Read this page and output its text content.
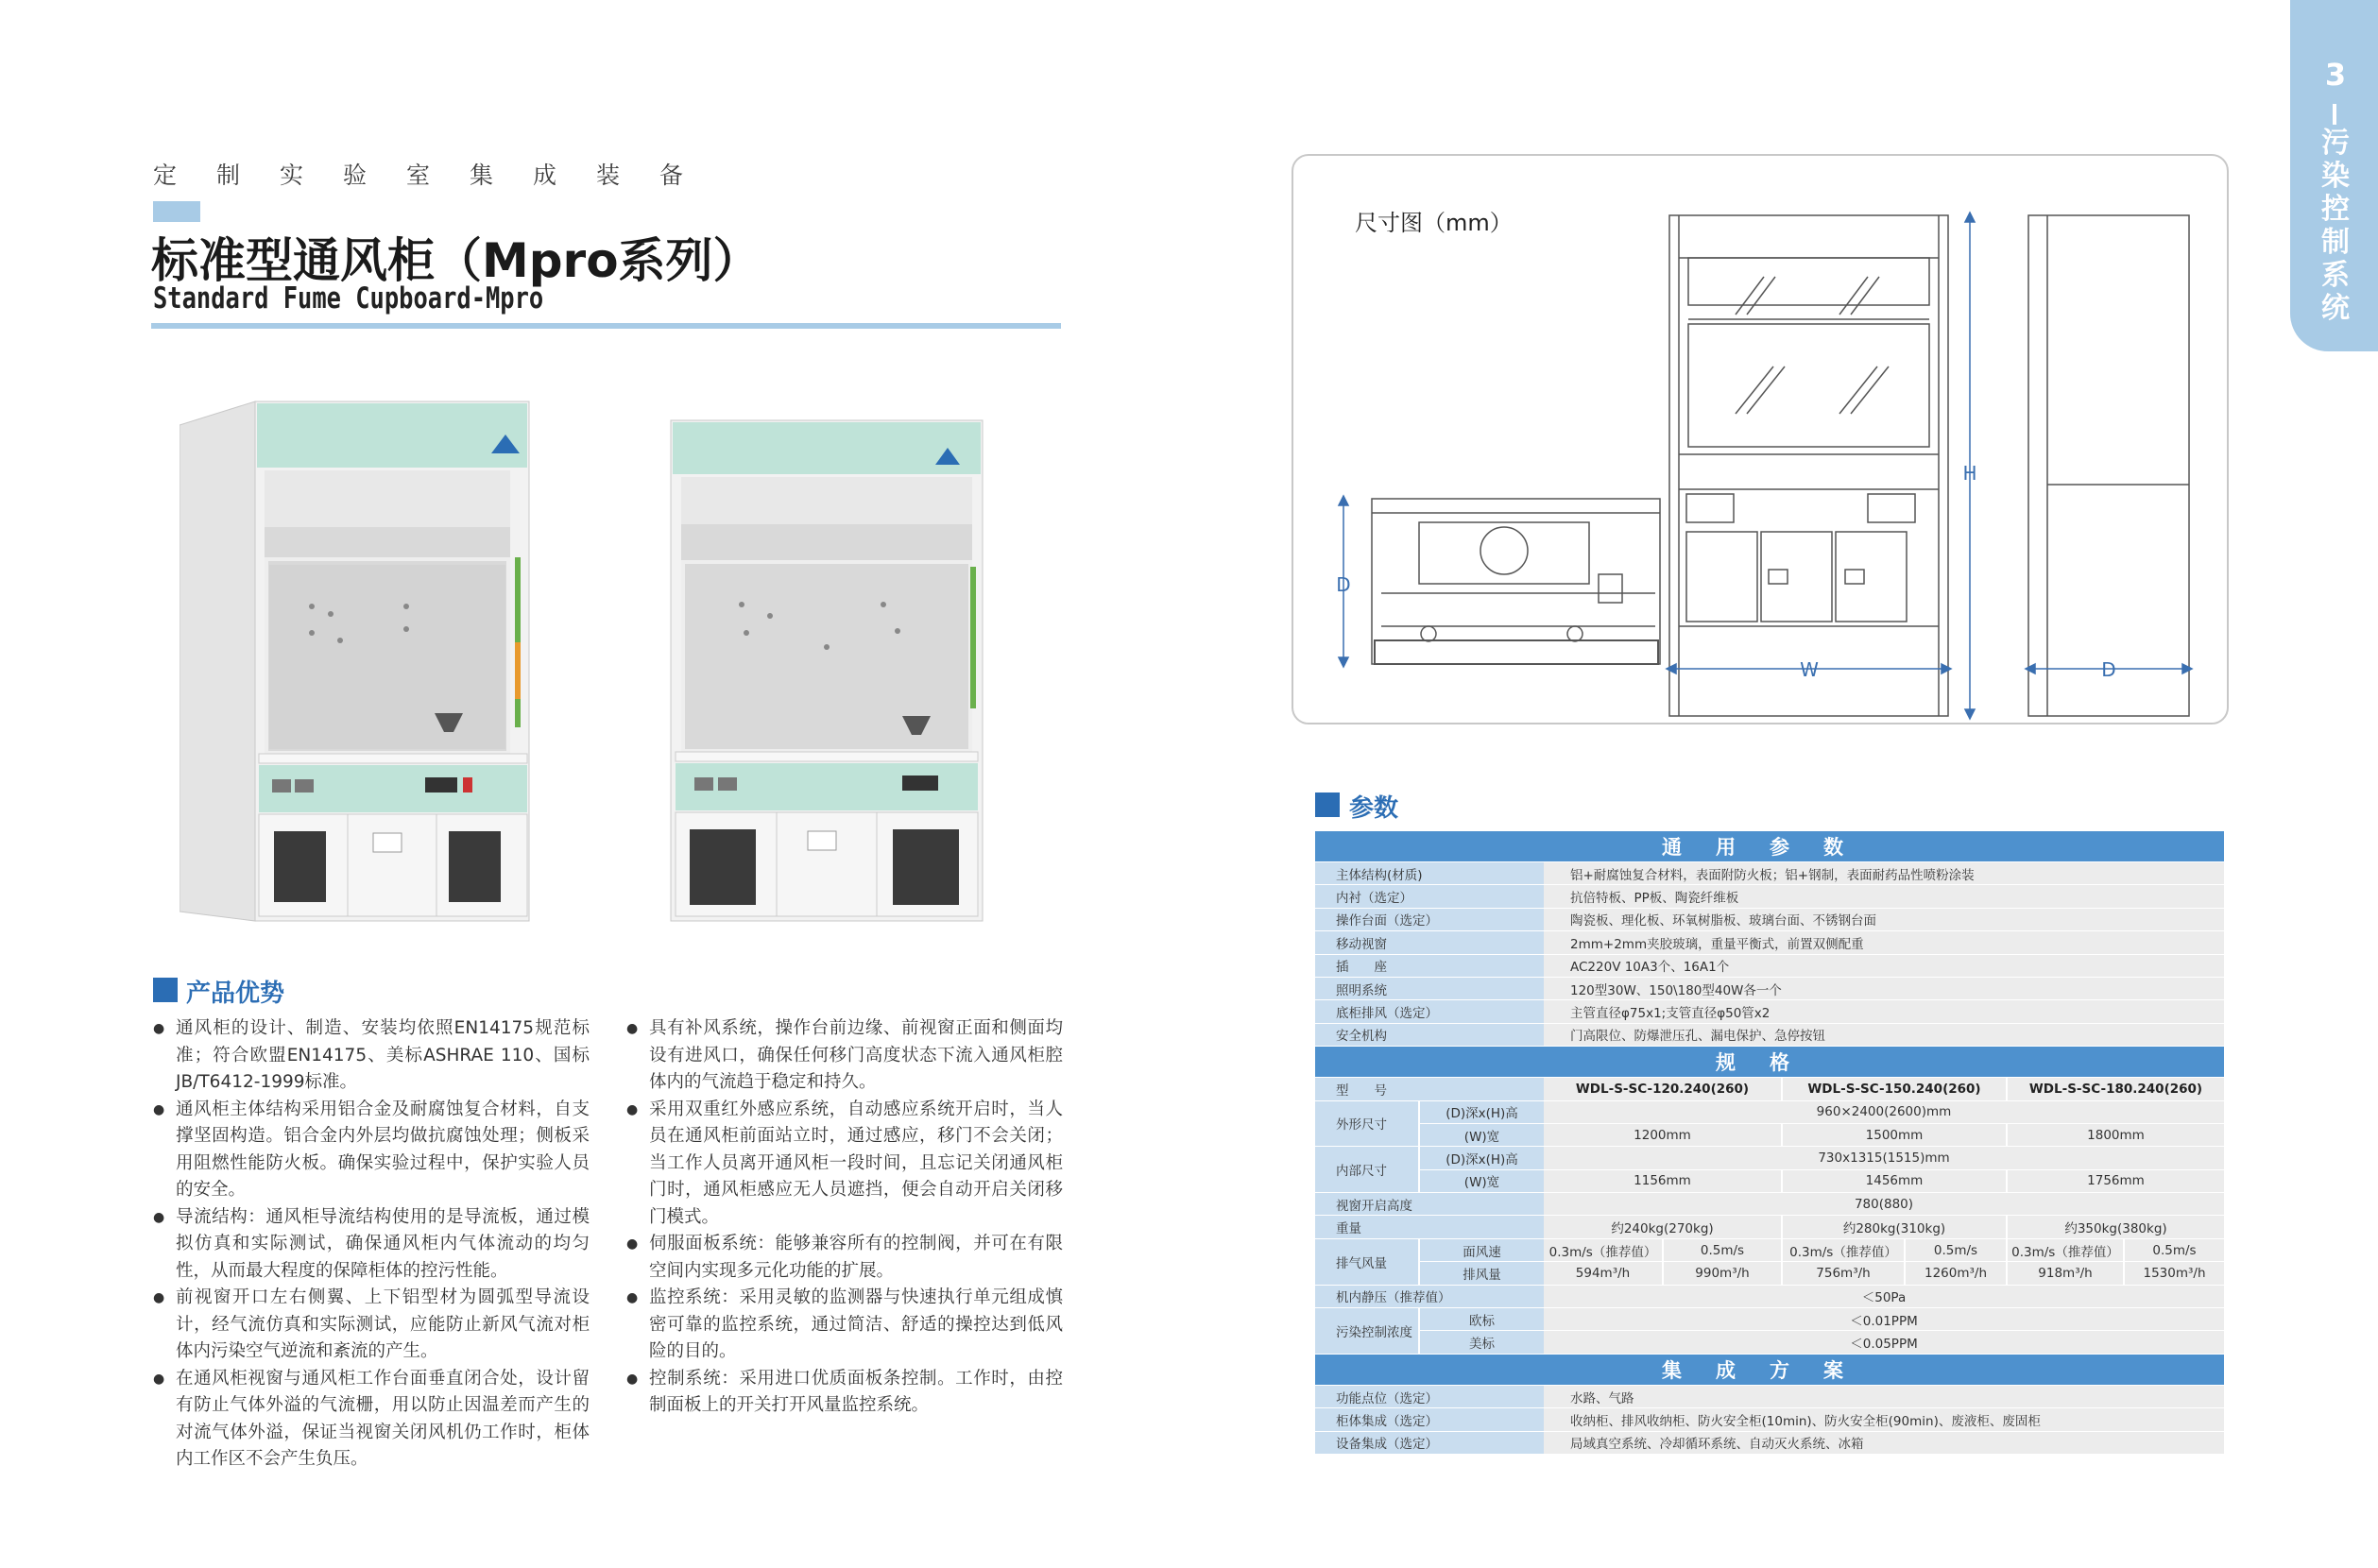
定制实验室集成装备
标准型通风柜（Mpro系列）
Standard Fume Cupboard-Mpro
3
污染控制系统
产品优势
● 通风柜的设计、制造、安装均依照EN14175规范标准；符合欧盟EN14175、美标ASHRAE 110、国标JB/T6412-1999标准。
● 通风柜主体结构采用铝合金及耐腐蚀复合材料，自支撑坚固构造。铝合金内外层均做抗腐蚀处理；侧板采用阻燃性能防火板。确保实验过程中，保护实验人员的安全。
● 导流结构：通风柜导流结构使用的是导流板，通过模拟仿真和实际测试，确保通风柜内气体流动的均匀性，从而最大程度的保障柜体的控污性能。
● 前视窗开口左右侧翼、上下铝型材为圆弧型导流设计，经气流仿真和实际测试，应能防止新风气流对柜体内污染空气逆流和紊流的产生。
● 在通风柜视窗与通风柜工作台面垂直闭合处，设计留有防止气体外溢的气流栅，用以防止因温差而产生的对流气体外溢，保证当视窗关闭风机仍工作时，柜体内工作区不会产生负压。
● 具有补风系统，操作台前边缘、前视窗正面和侧面均设有进风口，确保任何移门高度状态下流入通风柜腔体内的气流趋于稳定和持久。
● 采用双重红外感应系统，自动感应系统开启时，当人员在通风柜前面站立时，通过感应，移门不会关闭；当工作人员离开通风柜一段时间，且忘记关闭通风柜门时，通风柜感应无人员遮挡，便会自动开启关闭移门模式。
● 伺服面板系统：能够兼容所有的控制阀，并可在有限空间内实现多元化功能的扩展。
● 监控系统：采用灵敏的监测器与快速执行单元组成慎密可靠的监控系统，通过简洁、舒适的操控达到低风险的目的。
● 控制系统：采用进口优质面板条控制。工作时，由控制面板上的开关打开风量监控系统。
尺寸图（mm）
H
W
D
D
参数
通用参数							
主体结构(材质)		铝+耐腐蚀复合材料，表面附防火板；铝+钢制，表面耐药品性喷粉涂装					
内衬（选定）		抗倍特板、PP板、陶瓷纤维板					
操作台面（选定）		陶瓷板、理化板、环氧树脂板、玻璃台面、不锈钢台面					
移动视窗		2mm+2mm夹胶玻璃，重量平衡式，前置双侧配重					
插　　座		AC220V 10A3个、16A1个					
照明系统		120型30W、150\180型40W各一个					
底柜排风（选定）		主管直径φ75x1;支管直径φ50管x2					
安全机构		门高限位、防爆泄压孔、漏电保护、急停按钮					
规格							
型　　号		WDL-S-SC-120.240(260)		WDL-S-SC-150.240(260)		WDL-S-SC-180.240(260)	
外形尺寸	(D)深x(H)高	960×2400(2600)mm					
	(W)宽	1200mm		1500mm		1800mm	
内部尺寸	(D)深x(H)高	730x1315(1515)mm					
	(W)宽	1156mm		1456mm		1756mm	
视窗开启高度		780(880)					
重量		约240kg(270kg)		约280kg(310kg)		约350kg(380kg)	
排气风量	面风速	0.3m/s（推荐值）	0.5m/s	0.3m/s（推荐值）	0.5m/s	0.3m/s（推荐值）	0.5m/s
	排风量	594m³/h	990m³/h	756m³/h	1260m³/h	918m³/h	1530m³/h
机内静压（推荐值）		＜50Pa					
污染控制浓度	欧标	＜0.01PPM					
	美标	＜0.05PPM					
集成方案							
功能点位（选定）		水路、气路					
柜体集成（选定）		收纳柜、排风收纳柜、防火安全柜(10min)、防火安全柜(90min)、废液柜、废固柜					
设备集成（选定）		局域真空系统、冷却循环系统、自动灭火系统、冰箱					
